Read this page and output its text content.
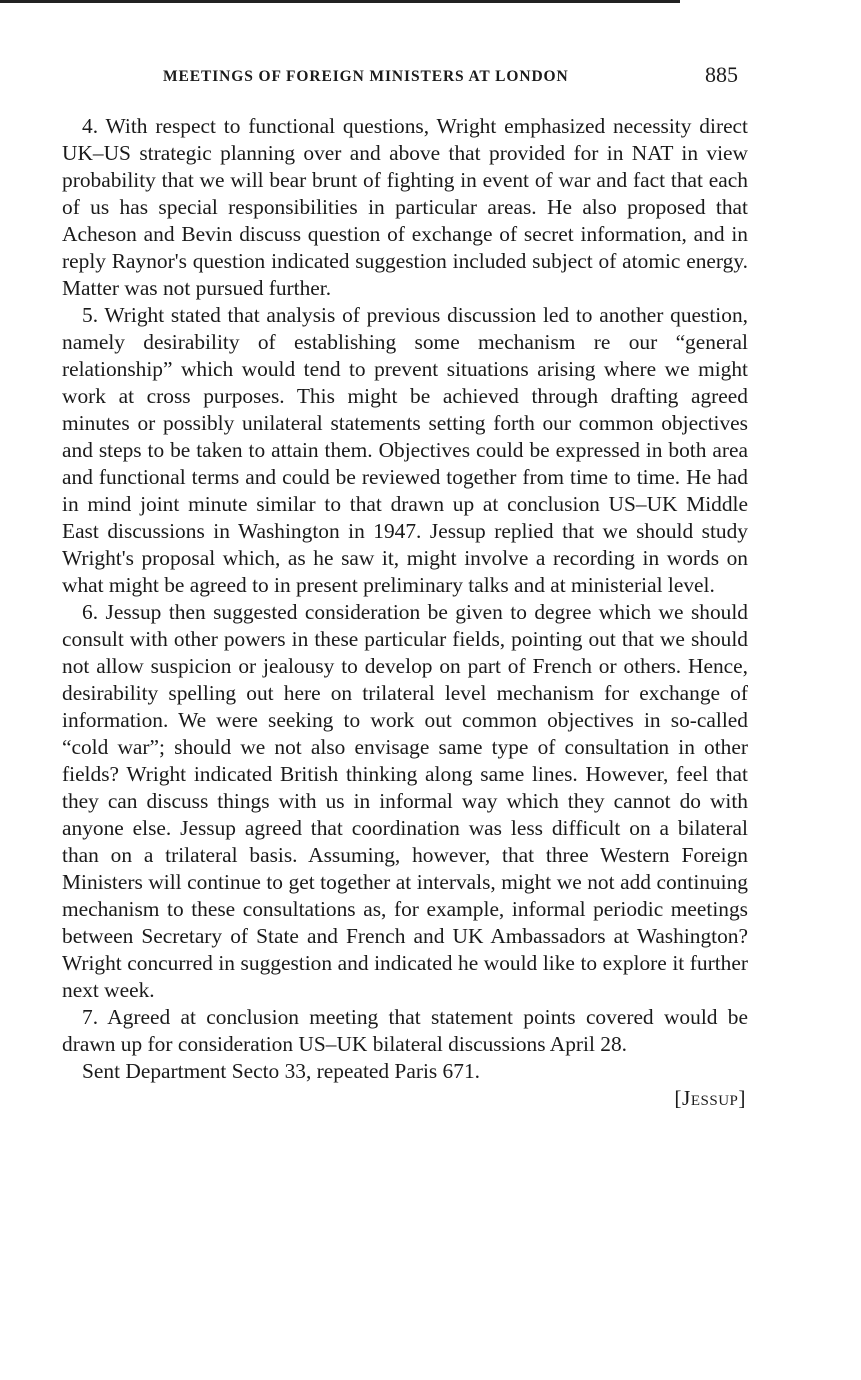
MEETINGS OF FOREIGN MINISTERS AT LONDON	885

4. With respect to functional questions, Wright emphasized necessity direct UK–US strategic planning over and above that provided for in NAT in view probability that we will bear brunt of fighting in event of war and fact that each of us has special responsibilities in particular areas. He also proposed that Acheson and Bevin discuss question of exchange of secret information, and in reply Raynor's question indicated suggestion included subject of atomic energy. Matter was not pursued further.

5. Wright stated that analysis of previous discussion led to another question, namely desirability of establishing some mechanism re our “general relationship” which would tend to prevent situations arising where we might work at cross purposes. This might be achieved through drafting agreed minutes or possibly unilateral statements setting forth our common objectives and steps to be taken to attain them. Objectives could be expressed in both area and functional terms and could be reviewed together from time to time. He had in mind joint minute similar to that drawn up at conclusion US–UK Middle East discussions in Washington in 1947. Jessup replied that we should study Wright's proposal which, as he saw it, might involve a recording in words on what might be agreed to in present preliminary talks and at ministerial level.

6. Jessup then suggested consideration be given to degree which we should consult with other powers in these particular fields, pointing out that we should not allow suspicion or jealousy to develop on part of French or others. Hence, desirability spelling out here on trilateral level mechanism for exchange of information. We were seeking to work out common objectives in so-called “cold war”; should we not also envisage same type of consultation in other fields? Wright indicated British thinking along same lines. However, feel that they can discuss things with us in informal way which they cannot do with anyone else. Jessup agreed that coordination was less difficult on a bilateral than on a trilateral basis. Assuming, however, that three Western Foreign Ministers will continue to get together at intervals, might we not add continuing mechanism to these consultations as, for example, informal periodic meetings between Secretary of State and French and UK Ambassadors at Washington? Wright concurred in suggestion and indicated he would like to explore it further next week.

7. Agreed at conclusion meeting that statement points covered would be drawn up for consideration US–UK bilateral discussions April 28.

Sent Department Secto 33, repeated Paris 671.

[Jessup]
